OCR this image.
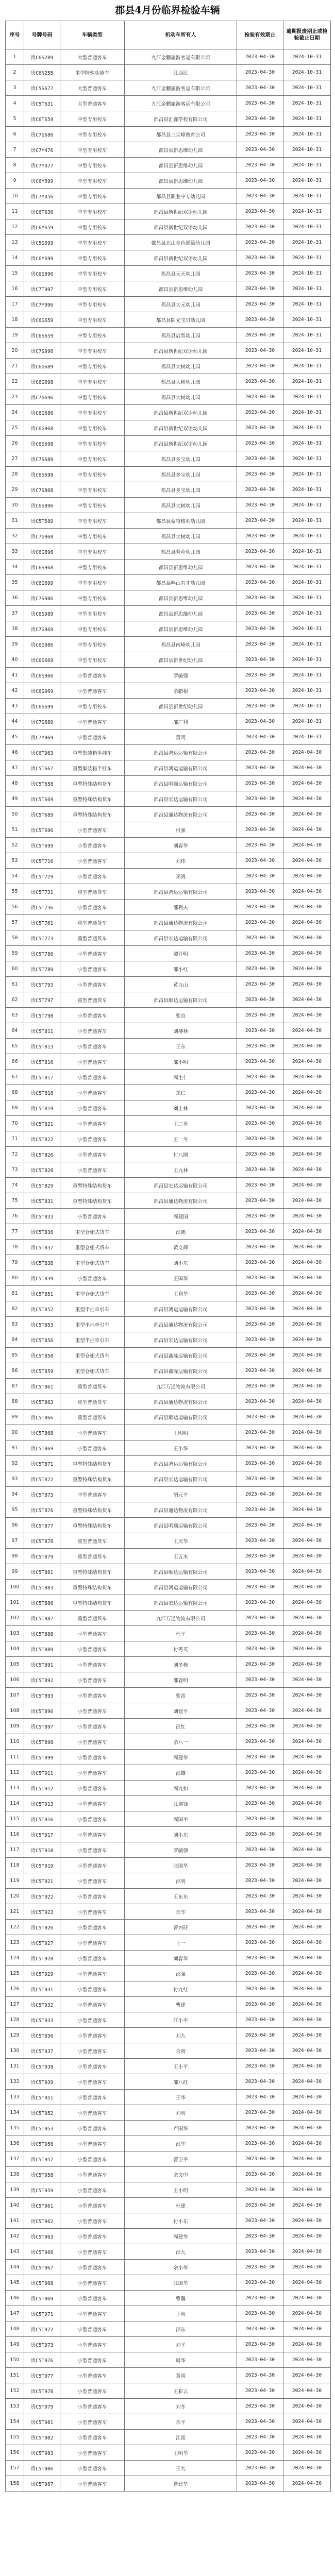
郡县4月份临界检验车辆
序号	号牌号码	车辆类型	机动车所有人	检验有效期止	逾期报废期止或检验截止日期
1	贵C6S289	大型普通客车	九江金鹏旅游客运有限公司	2023-04-30	2024-10-31
2	贵C6N255	重型特殊功能车	江西民	2023-04-30	2024-10-31
3	贵C5S677	大型普通客车	九江金鹏旅游客运有限公司	2023-04-30	2024-10-31
4	贵C5T631	大型普通客车	九江金鹏旅游客运有限公司	2023-04-30	2024-10-31
5	贵C6T659	中型专用校车	都昌县汇鑫学校有限公司	2023-04-30	2024-10-31
6	贵C7G686	中型专用校车	都昌县三尖峰教育公司	2023-04-30	2024-10-31
7	贵C7Y476	中型专用校车	都昌县新思维幼儿园	2023-04-30	2024-10-31
8	贵C7Y477	中型专用校车	都昌县新思维幼儿园	2023-04-30	2024-10-31
9	贵C6Y699	中型专用校车	都昌县新思维幼儿园	2023-04-30	2024-10-31
10	贵C7Y456	中型专用校车	都昌县职业中专幼儿园	2023-04-30	2024-10-31
11	贵C6T636	中型专用校车	都昌县新世纪双语幼儿园	2023-04-30	2024-10-31
12	贵C6Y659	中型专用校车	都昌县新世纪双语幼儿园	2023-04-30	2024-10-31
13	贵C5S699	中型专用校车	都昌县北山金色摇篮幼儿园	2023-04-30	2024-10-31
14	贵C6Y699	中型专用校车	都昌县新世纪双语幼儿园	2023-04-30	2024-10-31
15	贵C6S896	中型专用校车	都昌县天天幼儿园	2023-04-30	2024-10-31
16	贵C7T997	中型专用校车	都昌县新思维幼儿园	2023-04-30	2024-10-31
17	贵C7Y996	中型专用校车	都昌县大元幼儿园	2023-04-30	2024-10-31
18	贵C6G659	中型专用校车	都昌县阳光宝贝幼儿园	2023-04-30	2024-10-31
19	贵C6S659	中型专用校车	都昌县启智幼儿园	2023-04-30	2024-10-31
20	贵C7S996	中型专用校车	都昌县新世纪双语幼儿园	2023-04-30	2024-10-31
21	贵C6G689	中型专用校车	都昌县大树幼儿园	2023-04-30	2024-10-31
22	贵C6G698	中型专用校车	都昌县大树幼儿园	2023-04-30	2024-10-31
23	贵C7G696	中型专用校车	都昌县大树幼儿园	2023-04-30	2024-10-31
24	贵C6G686	中型专用校车	都昌县新世纪双语幼儿园	2023-04-30	2024-10-31
25	贵C6G968	中型专用校车	都昌县新世纪双语幼儿园	2023-04-30	2024-10-31
26	贵C6S698	中型专用校车	都昌县新世纪双语幼儿园	2023-04-30	2024-10-31
27	贵C7S689	中型专用校车	都昌县多宝幼儿园	2023-04-30	2024-10-31
28	贵C6S698	中型专用校车	都昌县多宝幼儿园	2023-04-30	2024-10-31
29	贵C7S868	中型专用校车	都昌县多宝幼儿园	2023-04-30	2024-10-31
30	贵C6S896	中型专用校车	都昌县大树幼儿园	2023-04-30	2024-10-31
31	贵C5T589	中型专用校车	都昌县蒙特梭利幼儿园	2023-04-30	2024-10-31
32	贵C7G968	中型专用校车	都昌县大树幼儿园	2023-04-30	2024-10-31
33	贵C6G896	中型专用校车	都昌县芳草幼儿园	2023-04-30	2024-10-31
34	贵C6S968	中型专用校车	都昌县新思维幼儿园	2023-04-30	2024-10-31
35	贵C6G699	中型专用校车	都昌县鸣山育才幼儿园	2023-04-30	2024-10-31
36	贵C7S986	中型专用校车	都昌县新思维幼儿园	2023-04-30	2024-10-31
37	贵C6S989	中型专用校车	都昌县新思维幼儿园	2023-04-30	2024-10-31
38	贵C7G969	中型专用校车	都昌县新思维幼儿园	2023-04-30	2024-10-31
39	贵C6G986	中型专用校车	都昌县南峰幼儿园	2023-04-30	2024-10-31
40	贵C6S669	中型专用校车	都昌县新世纪幼儿园	2023-04-30	2024-10-31
41	贵C6S966	小型普通客车	罗毓强	2023-04-30	2024-10-31
42	贵C6S969	小型普通客车	余腊根	2023-04-30	2024-10-31
43	贵C6S699	中型专用校车	都昌县新世纪幼儿园	2023-04-30	2024-10-31
44	贵C7S689	小型普通客车	邵广利	2023-04-30	2024-10-31
45	贵C7Y969	小型普通客车	黄明	2023-04-30	2024-10-31
46	贵C6T963	重型集装箱半挂车	都昌县鸿运运输有限公司	2023-04-30	2024-04-30
47	贵C5T667	重型集装箱半挂车	都昌县鸿运运输有限公司	2023-04-30	2024-04-30
48	贵C5T658	重型特殊结构货车	都昌县明顺运输有限公司	2023-04-30	2024-04-30
49	贵C5T669	重型特殊结构货车	都昌县宏达运输有限公司	2023-04-30	2024-04-30
50	贵C5T689	重型特殊结构货车	都昌县通达物流有限公司	2023-04-30	2024-04-30
51	贵C5T696	小型普通客车	付强	2023-04-30	2024-04-30
52	贵C5T699	小型普通客车	刘春华	2023-04-30	2024-04-30
53	贵C5T716	小型普通客车	刘伟	2023-04-30	2024-04-30
54	贵C5T729	小型普通客车	郑鸿	2023-04-30	2024-04-30
55	贵C5T731	重型普通货车	都昌县鸿运运输有限公司	2023-04-30	2024-04-30
56	贵C5T736	小型普通客车	邵利夫	2023-04-30	2024-04-30
57	贵C5T761	重型普通货车	都昌县通达物流有限公司	2023-04-30	2024-04-30
58	贵C5T773	重型普通货车	都昌县宏达运输有限公司	2023-04-30	2024-04-30
59	贵C5T786	小型普通客车	谭开明	2023-04-30	2024-04-30
60	贵C5T789	小型普通客车	邵小红	2023-04-30	2024-04-30
61	贵C5T793	小型普通客车	黄九山	2023-04-30	2024-04-30
62	贵C5T797	重型普通货车	都昌县顺达运输有限公司	2023-04-30	2024-04-30
63	贵C5T798	小型普通客车	张良	2023-04-30	2024-04-30
64	贵C5T811	小型普通客车	刘柳林	2023-04-30	2024-04-30
65	贵C5T813	小型普通客车	王东	2023-04-30	2024-04-30
66	贵C5T816	小型普通客车	邵小明	2023-04-30	2024-04-30
67	贵C5T817	小型普通客车	周主仁	2023-04-30	2024-04-30
68	贵C5T818	小型普通客车	郑仁	2023-04-30	2024-04-30
69	贵C5T819	小型普通客车	刘士林	2023-04-30	2024-04-30
70	贵C5T821	小型普通客车	王二勇	2023-04-30	2024-04-30
71	贵C5T822	小型普通客车	王一冬	2023-04-30	2024-04-30
72	贵C5T826	小型普通客车	付八刚	2023-04-30	2024-04-30
73	贵C5T828	小型普通客车	王九林	2023-04-30	2024-04-30
74	贵C5T829	重型特殊结构货车	都昌县宏达运输有限公司	2023-04-30	2024-04-30
75	贵C5T831	重型特殊结构货车	都昌县通达物流有限公司	2023-04-30	2024-04-30
76	贵C5T833	小型普通客车	周建国	2023-04-30	2024-04-30
77	贵C5T836	重型仓栅式货车	邵鹏	2023-04-30	2024-04-30
78	贵C5T837	重型仓栅式货车	黄文辉	2023-04-30	2024-04-30
79	贵C5T838	重型仓栅式货车	刘小东	2023-04-30	2024-04-30
80	贵C5T839	小型普通客车	王国华	2023-04-30	2024-04-30
81	贵C5T851	重型仓栅式货车	王利华	2023-04-30	2024-04-30
82	贵C5T852	重型半挂牵引车	都昌县鸿运运输有限公司	2023-04-30	2024-04-30
83	贵C5T853	重型半挂牵引车	都昌县通达物流有限公司	2023-04-30	2024-04-30
84	贵C5T856	重型半挂牵引车	都昌县宏达运输有限公司	2023-04-30	2024-04-30
85	贵C5T858	重型仓栅式货车	都昌县鑫隆运输有限公司	2023-04-30	2024-04-30
86	贵C5T859	重型仓栅式货车	都昌县鑫隆运输有限公司	2023-04-30	2024-04-30
87	贵C5T861	重型普通货车	九江万通物流有限公司	2023-04-30	2024-04-30
88	贵C5T863	重型普通货车	都昌县通达物流有限公司	2023-04-30	2024-04-30
89	贵C5T866	重型普通货车	都昌县顺达运输有限公司	2023-04-30	2024-04-30
90	贵C5T868	小型普通客车	王明明	2023-04-30	2024-04-30
91	贵C5T869	小型普通客车	王小华	2023-04-30	2024-04-30
92	贵C5T871	重型特殊结构货车	都昌县鸿运运输有限公司	2023-04-30	2024-04-30
93	贵C5T872	重型特殊结构货车	都昌县宏达运输有限公司	2023-04-30	2024-04-30
94	贵C5T873	中型普通客车	胡元平	2023-04-30	2024-04-30
95	贵C5T876	重型特殊结构货车	都昌县通达物流有限公司	2023-04-30	2024-04-30
96	贵C5T877	重型特殊结构货车	都昌县明顺运输有限公司	2023-04-30	2024-04-30
97	贵C5T878	重型普通货车	王庆华	2023-04-30	2024-04-30
98	贵C5T879	重型普通货车	王五木	2023-04-30	2024-04-30
99	贵C5T881	重型特殊结构货车	都昌县顺达运输有限公司	2023-04-30	2024-04-30
100	贵C5T883	重型特殊结构货车	都昌县鸿运运输有限公司	2023-04-30	2024-04-30
101	贵C5T886	重型特殊结构货车	都昌县宏达运输有限公司	2023-04-30	2024-04-30
102	贵C5T887	重型普通货车	九江万通物流有限公司	2023-04-30	2024-04-30
103	贵C5T888	小型普通客车	杜平	2023-04-30	2024-04-30
104	贵C5T889	小型普通客车	付秀英	2023-04-30	2024-04-30
105	贵C5T891	小型普通客车	刘冬梅	2023-04-30	2024-04-30
106	贵C5T892	小型普通客车	邵春明	2023-04-30	2024-04-30
107	贵C5T893	小型普通客车	张雷	2023-04-30	2024-04-30
108	贵C5T896	小型普通客车	刘建平	2023-04-30	2024-04-30
109	贵C5T897	小型普通客车	邵红	2023-04-30	2024-04-30
110	贵C5T898	小型普通客车	余八一	2023-04-30	2024-04-30
111	贵C5T899	小型普通客车	周建华	2023-04-30	2024-04-30
112	贵C5T911	小型普通客车	邵雄	2023-04-30	2024-04-30
113	贵C5T912	小型普通客车	周九如	2023-04-30	2024-04-30
114	贵C5T913	小型普通客车	江剑锋	2023-04-30	2024-04-30
115	贵C5T916	小型普通客车	周国平	2023-04-30	2024-04-30
116	贵C5T917	小型普通客车	刘小东	2023-04-30	2024-04-30
117	贵C5T918	小型普通客车	罗毓强	2023-04-30	2024-04-30
118	贵C5T919	小型普通客车	张国华	2023-04-30	2024-04-30
119	贵C5T921	小型普通客车	邵明	2023-04-30	2024-04-30
120	贵C5T922	小型普通客车	王东东	2023-04-30	2024-04-30
121	贵C5T923	小型普通客车	余华	2023-04-30	2024-04-30
122	贵C5T926	小型普通客车	曹兴旺	2023-04-30	2024-04-30
123	贵C5T927	小型普通客车	王一	2023-04-30	2024-04-30
124	贵C5T928	小型普通客车	刘春华	2023-04-30	2024-04-30
125	贵C5T929	小型普通客车	邵强	2023-04-30	2024-04-30
126	贵C5T931	小型普通客车	付九红	2023-04-30	2024-04-30
127	贵C5T932	小型普通客车	曹建	2023-04-30	2024-04-30
128	贵C5T933	小型普通客车	江小平	2023-04-30	2024-04-30
129	贵C5T936	小型普通客车	刘九	2023-04-30	2024-04-30
130	贵C5T937	小型普通客车	余明	2023-04-30	2024-04-30
131	贵C5T938	小型普通客车	王小平	2023-04-30	2024-04-30
132	贵C5T939	小型普通客车	邵八红	2023-04-30	2024-04-30
133	贵C5T951	小型普通客车	王华	2023-04-30	2024-04-30
134	贵C5T952	小型普通客车	刘明	2023-04-30	2024-04-30
135	贵C5T953	小型普通客车	卢国华	2023-04-30	2024-04-30
136	贵C5T956	小型普通客车	邵华	2023-04-30	2024-04-30
137	贵C5T957	小型普通客车	曹卫平	2023-04-30	2024-04-30
138	贵C5T958	小型普通客车	余文中	2023-04-30	2024-04-30
139	贵C5T959	小型普通客车	王小明	2023-04-30	2024-04-30
140	贵C5T961	小型普通客车	杜建	2023-04-30	2024-04-30
141	贵C5T962	小型普通客车	付小东	2023-04-30	2024-04-30
142	贵C5T963	小型普通客车	周建华	2023-04-30	2024-04-30
143	贵C5T966	小型普通客车	邵九	2023-04-30	2024-04-30
144	贵C5T967	小型普通客车	余小华	2023-04-30	2024-04-30
145	贵C5T968	小型普通客车	江国华	2023-04-30	2024-04-30
146	贵C5T969	小型普通客车	曹馨	2023-04-30	2024-04-30
147	贵C5T971	小型普通客车	王明	2023-04-30	2024-04-30
148	贵C5T972	小型普通客车	邵东	2023-04-30	2024-04-30
149	贵C5T973	小型普通客车	刘平	2023-04-30	2024-04-30
150	贵C5T976	小型普通客车	周华	2023-04-30	2024-04-30
151	贵C5T977	小型普通客车	黄明	2023-04-30	2024-04-30
152	贵C5T978	小型普通客车	王彩云	2023-04-30	2024-04-30
153	贵C5T979	小型普通客车	刘冬	2023-04-30	2024-04-30
154	贵C5T981	小型普通客车	余平	2023-04-30	2024-04-30
155	贵C5T982	小型普通客车	江雷	2023-04-30	2024-04-30
156	贵C5T983	小型普通客车	王明华	2023-04-30	2024-04-30
157	贵C5T986	小型普通客车	王九	2023-04-30	2024-04-30
158	贵C5T987	小型普通客车	曹建华	2023-04-30	2024-04-30
